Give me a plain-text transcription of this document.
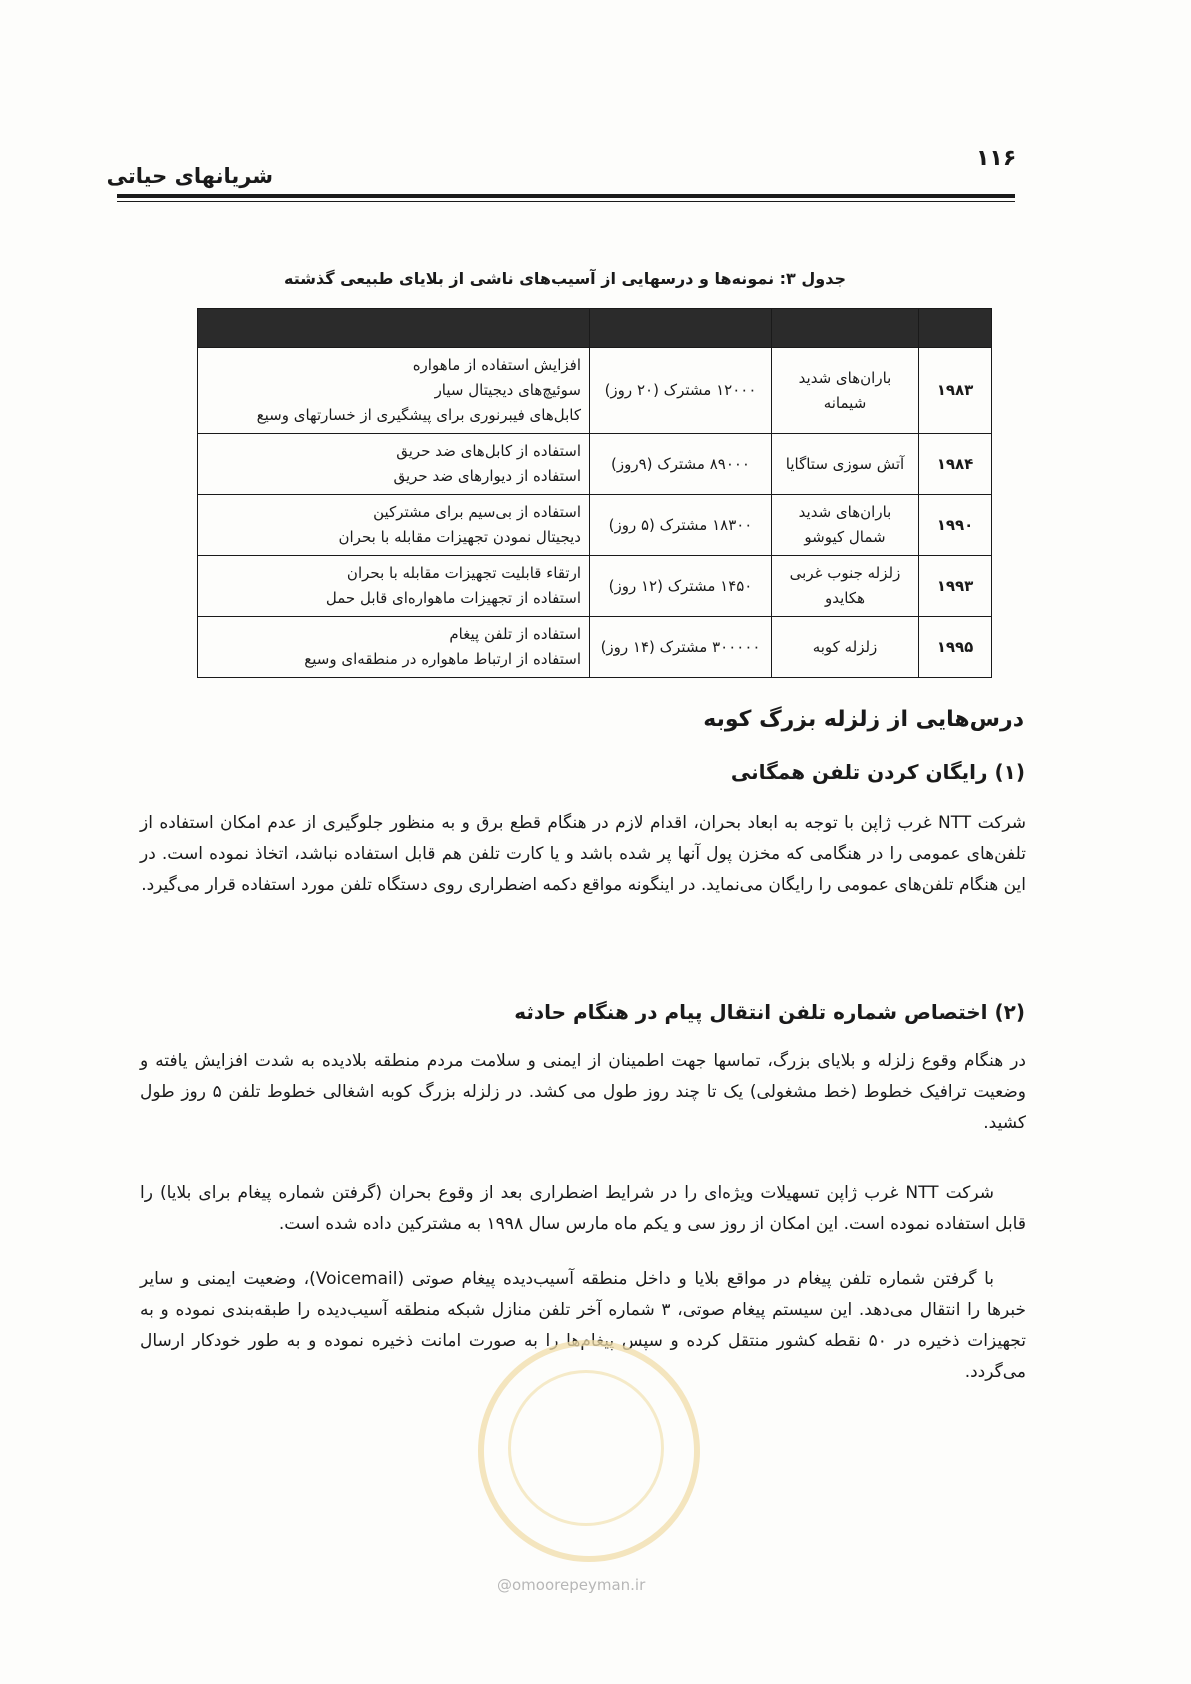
۱۱۶
شریانهای حیاتی
جدول ۳: نمونه‌ها و درسهایی از آسیب‌های ناشی از بلایای طبیعی گذشته

۱۹۸۳	باران‌های شدید شیمانه	۱۲۰۰۰ مشترک (۲۰ روز)	افزایش استفاده از ماهواره
سوئیچ‌های دیجیتال سیار
کابل‌های فیبرنوری برای پیشگیری از خسارتهای وسیع

۱۹۸۴	آتش سوزی ستاگایا	۸۹۰۰۰ مشترک (۹روز)	استفاده از کابل‌های ضد حریق
استفاده از دیوارهای ضد حریق

۱۹۹۰	باران‌های شدید شمال کیوشو	۱۸۳۰۰ مشترک (۵ روز)	استفاده از بی‌سیم برای مشترکین
دیجیتال نمودن تجهیزات مقابله با بحران

۱۹۹۳	زلزله جنوب غربی هکایدو	۱۴۵۰ مشترک (۱۲ روز)	ارتقاء قابلیت تجهیزات مقابله با بحران
استفاده از تجهیزات ماهواره‌ای قابل حمل

۱۹۹۵	زلزله کوبه	۳۰۰۰۰۰ مشترک (۱۴ روز)	استفاده از تلفن پیغام
استفاده از ارتباط ماهواره در منطقه‌ای وسیع
درس‌هایی از زلزله بزرگ کوبه
(۱) رایگان کردن تلفن همگانی

شرکت NTT غرب ژاپن با توجه به ابعاد بحران، اقدام لازم در هنگام قطع برق و به منظور جلوگیری از عدم امکان استفاده از تلفن‌های عمومی را در هنگامی که مخزن پول آنها پر شده باشد و یا کارت تلفن هم قابل استفاده نباشد، اتخاذ نموده است. در این هنگام تلفن‌های عمومی را رایگان می‌نماید. در اینگونه مواقع دکمه اضطراری روی دستگاه تلفن مورد استفاده قرار می‌گیرد.

(۲) اختصاص شماره تلفن انتقال پیام در هنگام حادثه

در هنگام وقوع زلزله و بلایای بزرگ، تماسها جهت اطمینان از ایمنی و سلامت مردم منطقه بلادیده به شدت افزایش یافته و وضعیت ترافیک خطوط (خط مشغولی) یک تا چند روز طول می کشد. در زلزله بزرگ کوبه اشغالی خطوط تلفن ۵ روز طول کشید.

شرکت NTT غرب ژاپن تسهیلات ویژه‌ای را در شرایط اضطراری بعد از وقوع بحران (گرفتن شماره پیغام برای بلایا) را قابل استفاده نموده است. این امکان از روز سی و یکم ماه مارس سال ۱۹۹۸ به مشترکین داده شده است.

با گرفتن شماره تلفن پیغام در مواقع بلایا و داخل منطقه آسیب‌دیده پیغام صوتی (Voicemail)، وضعیت ایمنی و سایر خبرها را انتقال می‌دهد. این سیستم پیغام صوتی، ۳ شماره آخر تلفن منازل شبکه منطقه آسیب‌دیده را طبقه‌بندی نموده و به تجهیزات ذخیره در ۵۰ نقطه کشور منتقل کرده و سپس پیغام‌ها را به صورت امانت ذخیره نموده و به طور خودکار ارسال می‌گردد.

@omoorepeyman.ir
